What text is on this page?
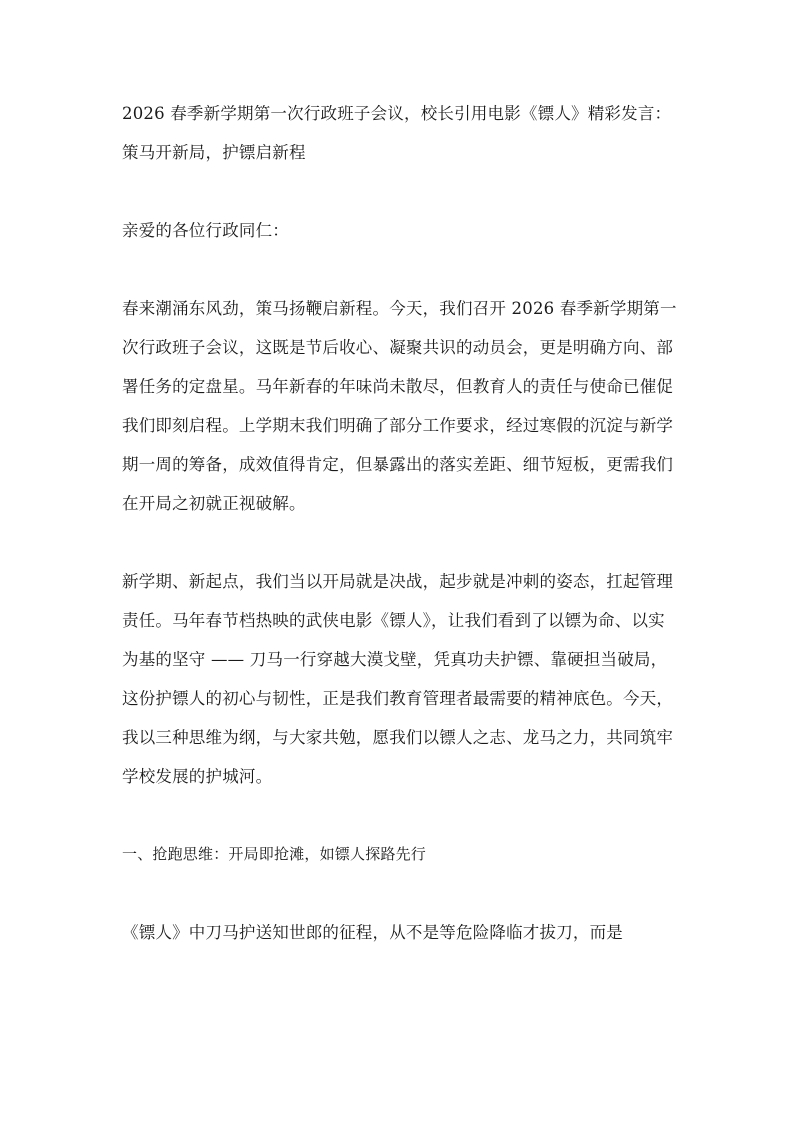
2026 春季新学期第一次行政班子会议，校长引用电影《镖人》精彩发言：策马开新局，护镖启新程

亲爱的各位行政同仁：

春来潮涌东风劲，策马扬鞭启新程。今天，我们召开 2026 春季新学期第一次行政班子会议，这既是节后收心、凝聚共识的动员会，更是明确方向、部署任务的定盘星。马年新春的年味尚未散尽，但教育人的责任与使命已催促我们即刻启程。上学期末我们明确了部分工作要求，经过寒假的沉淀与新学期一周的筹备，成效值得肯定，但暴露出的落实差距、细节短板，更需我们在开局之初就正视破解。

新学期、新起点，我们当以开局就是决战，起步就是冲刺的姿态，扛起管理责任。马年春节档热映的武侠电影《镖人》，让我们看到了以镖为命、以实为基的坚守 —— 刀马一行穿越大漠戈壁，凭真功夫护镖、靠硬担当破局，这份护镖人的初心与韧性，正是我们教育管理者最需要的精神底色。今天，我以三种思维为纲，与大家共勉，愿我们以镖人之志、龙马之力，共同筑牢学校发展的护城河。

一、抢跑思维：开局即抢滩，如镖人探路先行

《镖人》中刀马护送知世郎的征程，从不是等危险降临才拔刀，而是
